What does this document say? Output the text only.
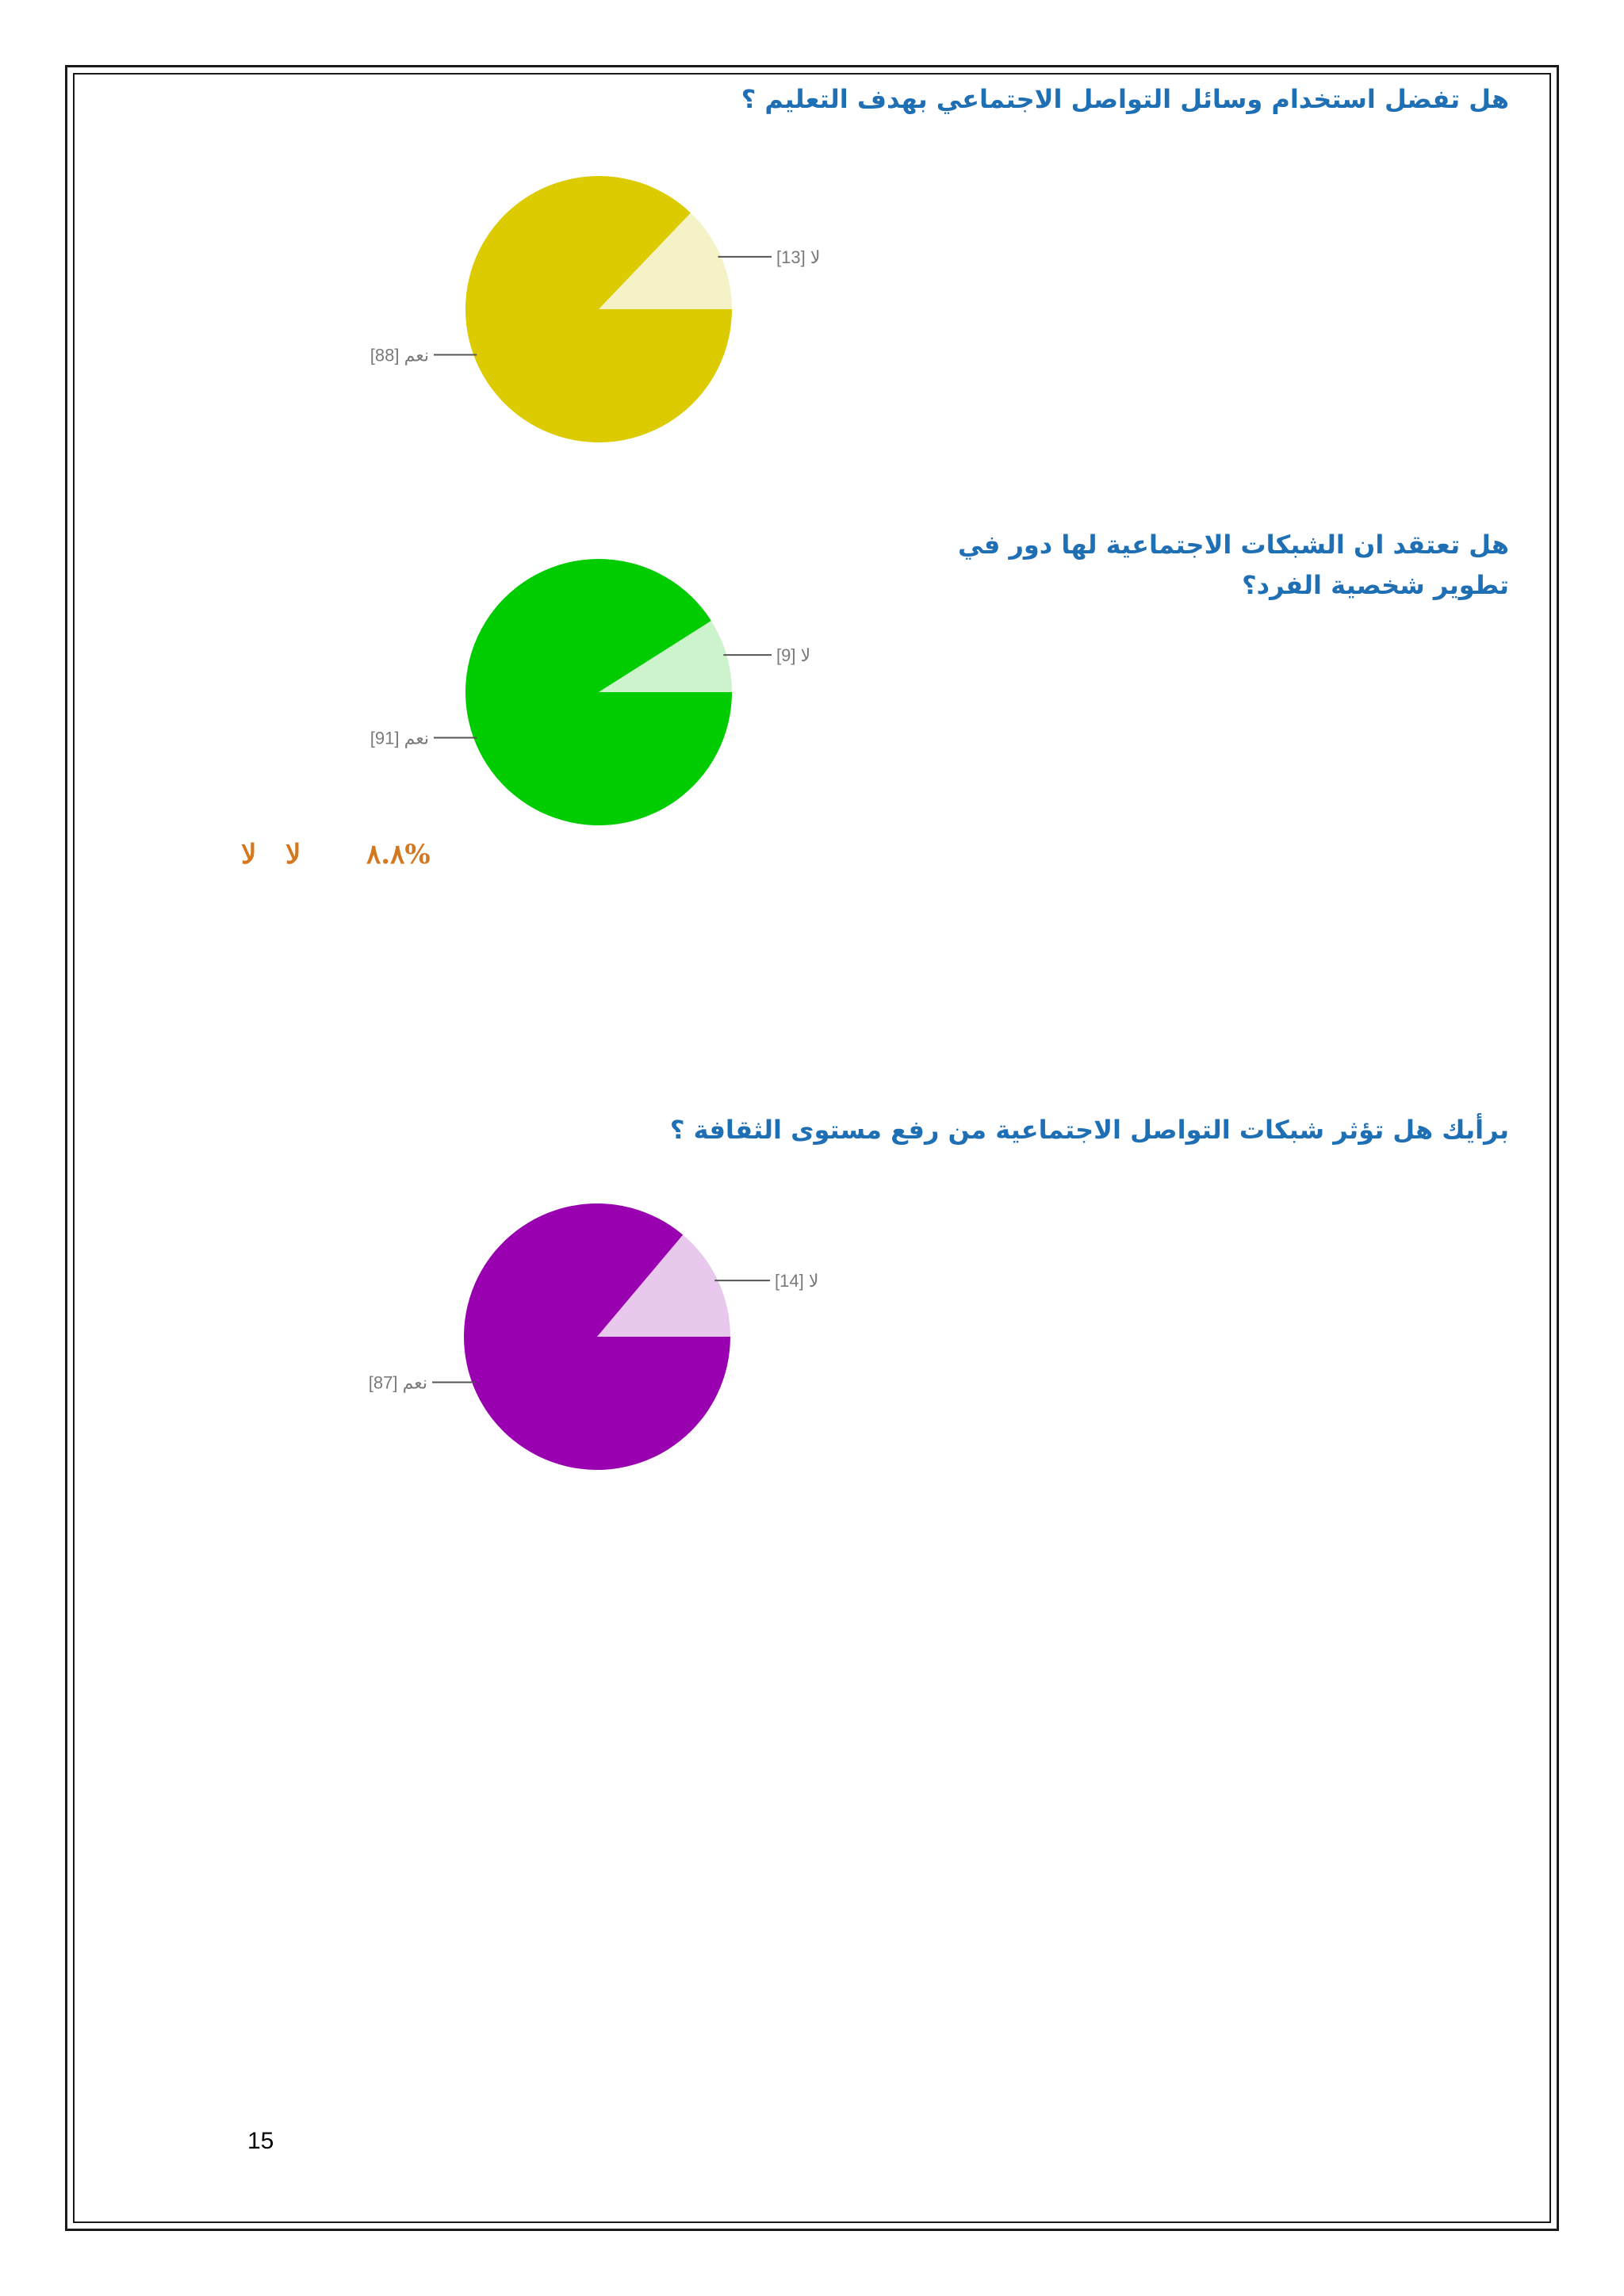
هل تفضل استخدام وسائل التواصل الاجتماعي بهدف التعليم ؟
هل تعتقد ان الشبكات الاجتماعية لها دور في تطوير شخصية الفرد؟
برأيك هل تؤثر شبكات التواصل الاجتماعية من رفع مستوى الثقافة ؟
لا [13]
نعم [88]
لا [9]
نعم [91]
لا [14]
نعم [87]
ﻻ ﻻ ٨.٨%
15
